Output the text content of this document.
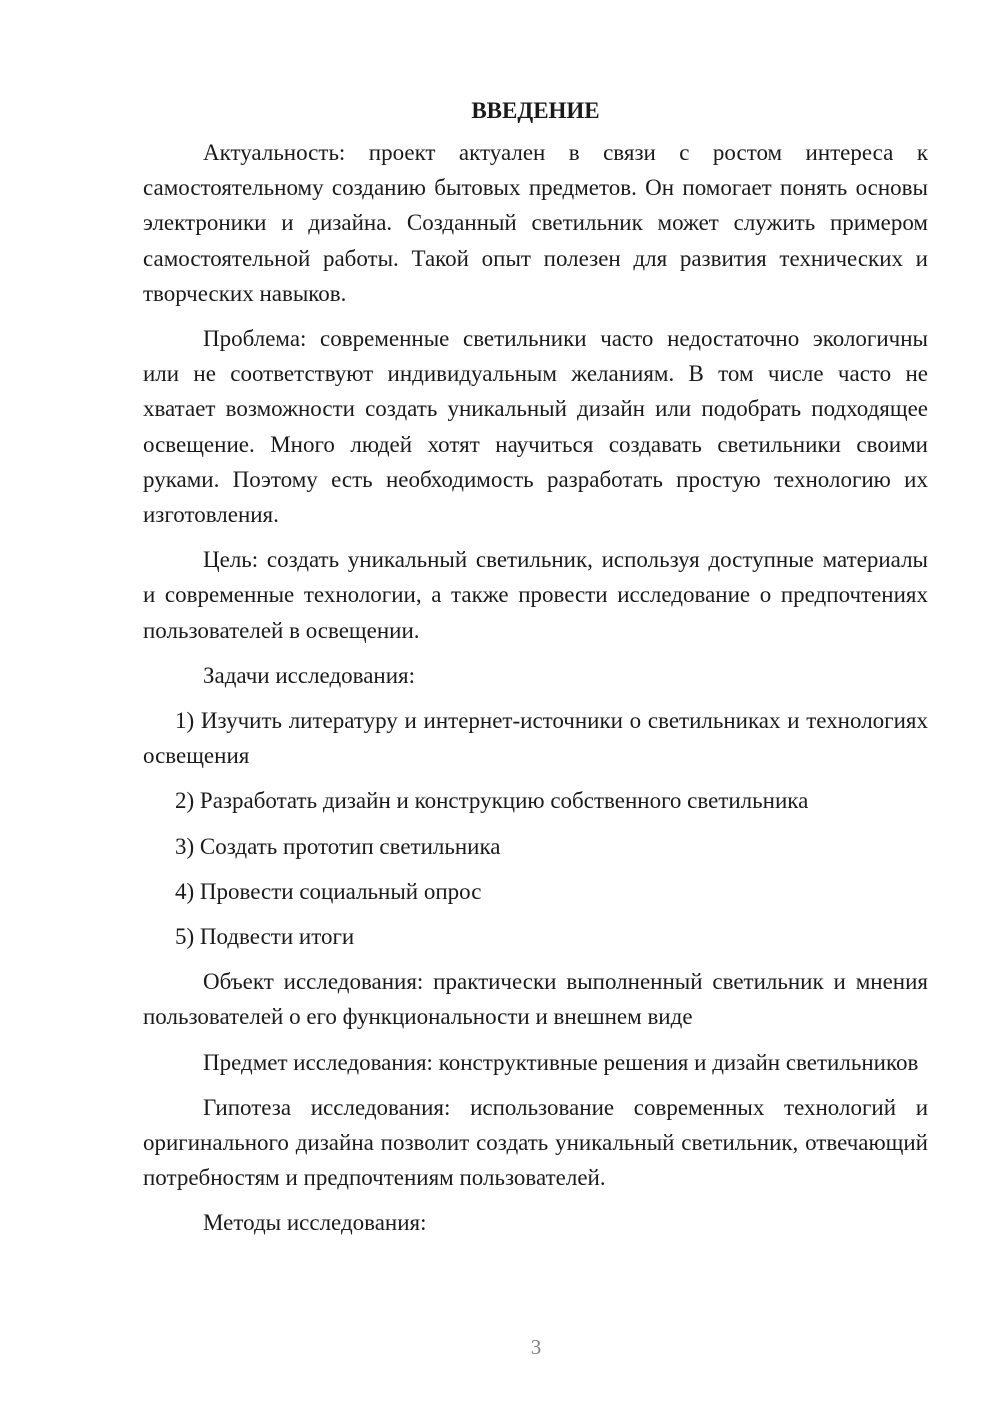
ВВЕДЕНИЕ

Актуальность: проект актуален в связи с ростом интереса к самостоятельному созданию бытовых предметов. Он помогает понять основы электроники и дизайна. Созданный светильник может служить примером самостоятельной работы. Такой опыт полезен для развития технических и творческих навыков.

Проблема: современные светильники часто недостаточно экологичны или не соответствуют индивидуальным желаниям. В том числе часто не хватает возможности создать уникальный дизайн или подобрать подходящее освещение. Много людей хотят научиться создавать светильники своими руками. Поэтому есть необходимость разработать простую технологию их изготовления.

Цель: создать уникальный светильник, используя доступные материалы и современные технологии, а также провести исследование о предпочтениях пользователей в освещении.

Задачи исследования:

1) Изучить литературу и интернет-источники о светильниках и технологиях освещения

2) Разработать дизайн и конструкцию собственного светильника

3) Создать прототип светильника

4) Провести социальный опрос

5) Подвести итоги

Объект исследования: практически выполненный светильник и мнения пользователей о его функциональности и внешнем виде

Предмет исследования: конструктивные решения и дизайн светильников

Гипотеза исследования: использование современных технологий и оригинального дизайна позволит создать уникальный светильник, отвечающий потребностям и предпочтениям пользователей.

Методы исследования:

3
